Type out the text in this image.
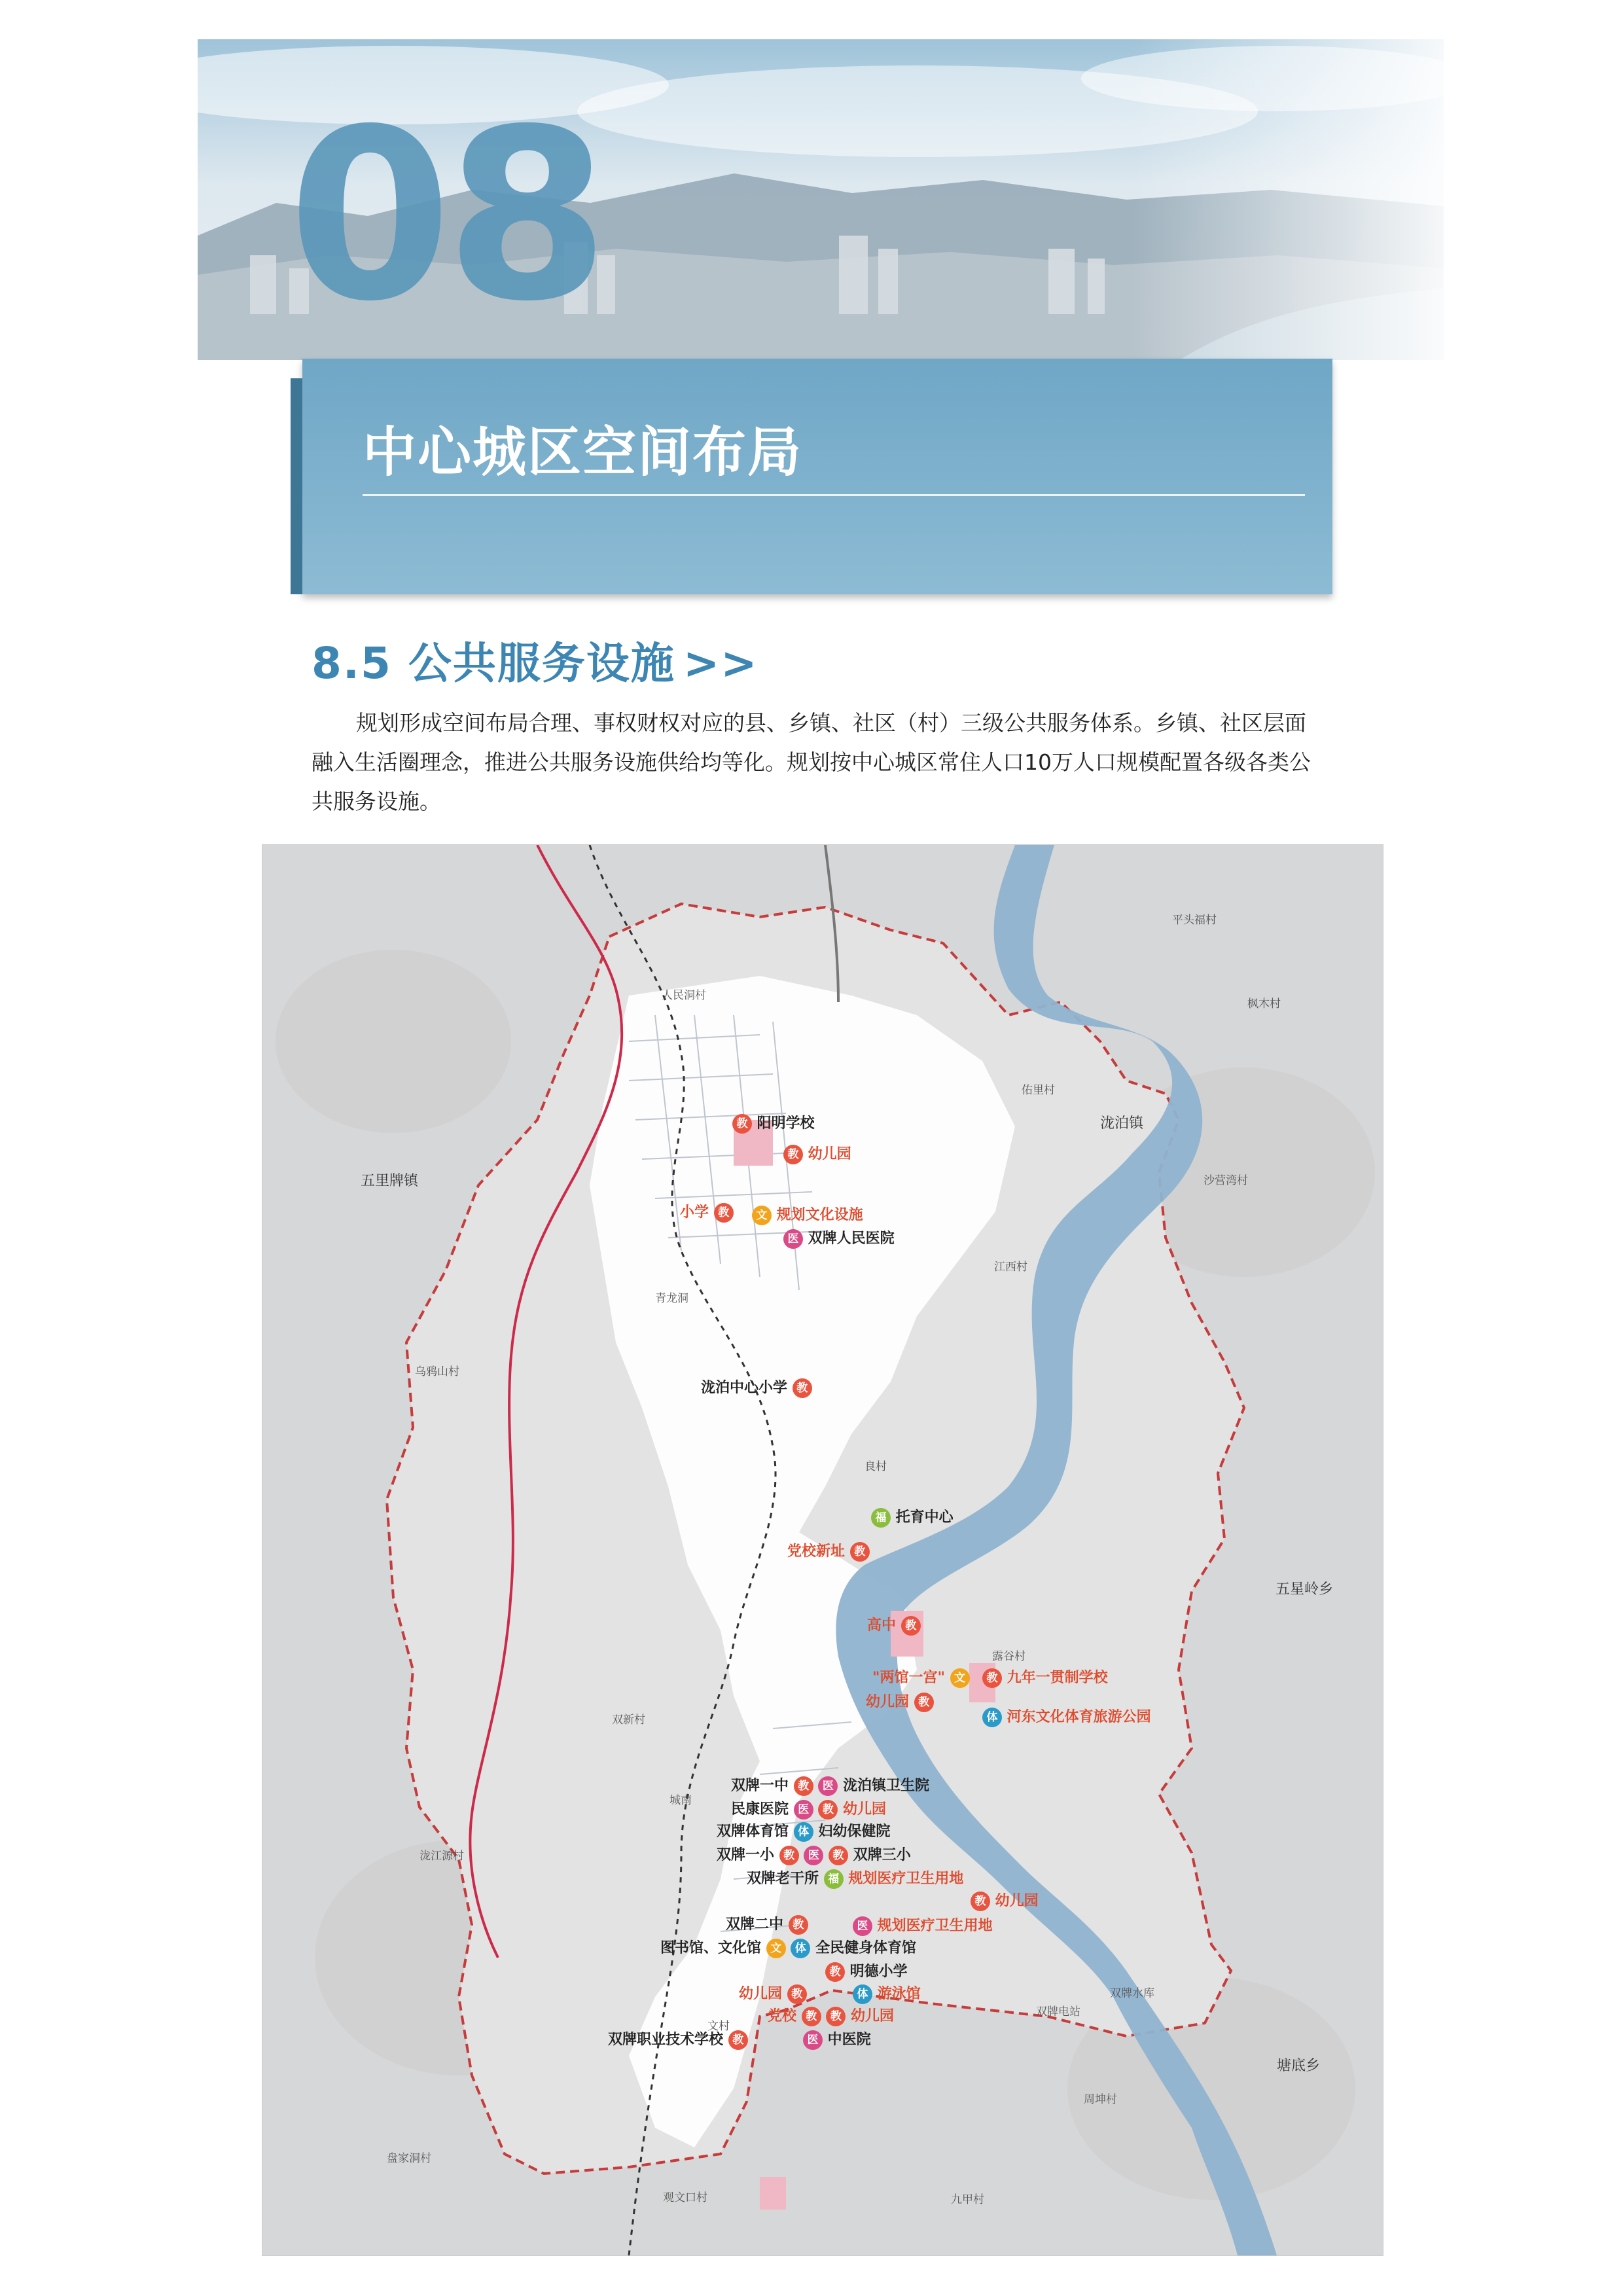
08
中心城区空间布局
8.5 公共服务设施 >>

规划形成空间布局合理、事权财权对应的县、乡镇、社区（村）三级公共服务体系。乡镇、社区层面融入生活圈理念，推进公共服务设施供给均等化。规划按中心城区常住人口10万人口规模配置各级各类公共服务设施。

平头福村
人民洞村
枫木村
佑里村
泷泊镇
五里牌镇	沙营湾村
江西村
青龙洞
乌鸦山村
良村
五星岭乡
露谷村
双新村
城南
泷江源村
双牌水库
双牌电站
文村
塘底乡
周坤村
盘家洞村
观文口村	九甲村
教 阳明学校
教 幼儿园
小学 教	文 规划文化设施
医 双牌人民医院
泷泊中心小学 教
福 托育中心
党校新址 教
高中 教
"两馆一宫" 文	教 九年一贯制学校
幼儿园 教
体 河东文化体育旅游公园
双牌一中 教 医 泷泊镇卫生院
民康医院 医 教 幼儿园
双牌体育馆 体 妇幼保健院
双牌一小 教 医 教 双牌三小
双牌老干所 福 规划医疗卫生用地
教 幼儿园
双牌二中 教	医 规划医疗卫生用地
图书馆、文化馆 文 体 全民健身体育馆
教 明德小学
幼儿园 教	体 游泳馆
党校 教 教 幼儿园
双牌职业技术学校 教	医 中医院
